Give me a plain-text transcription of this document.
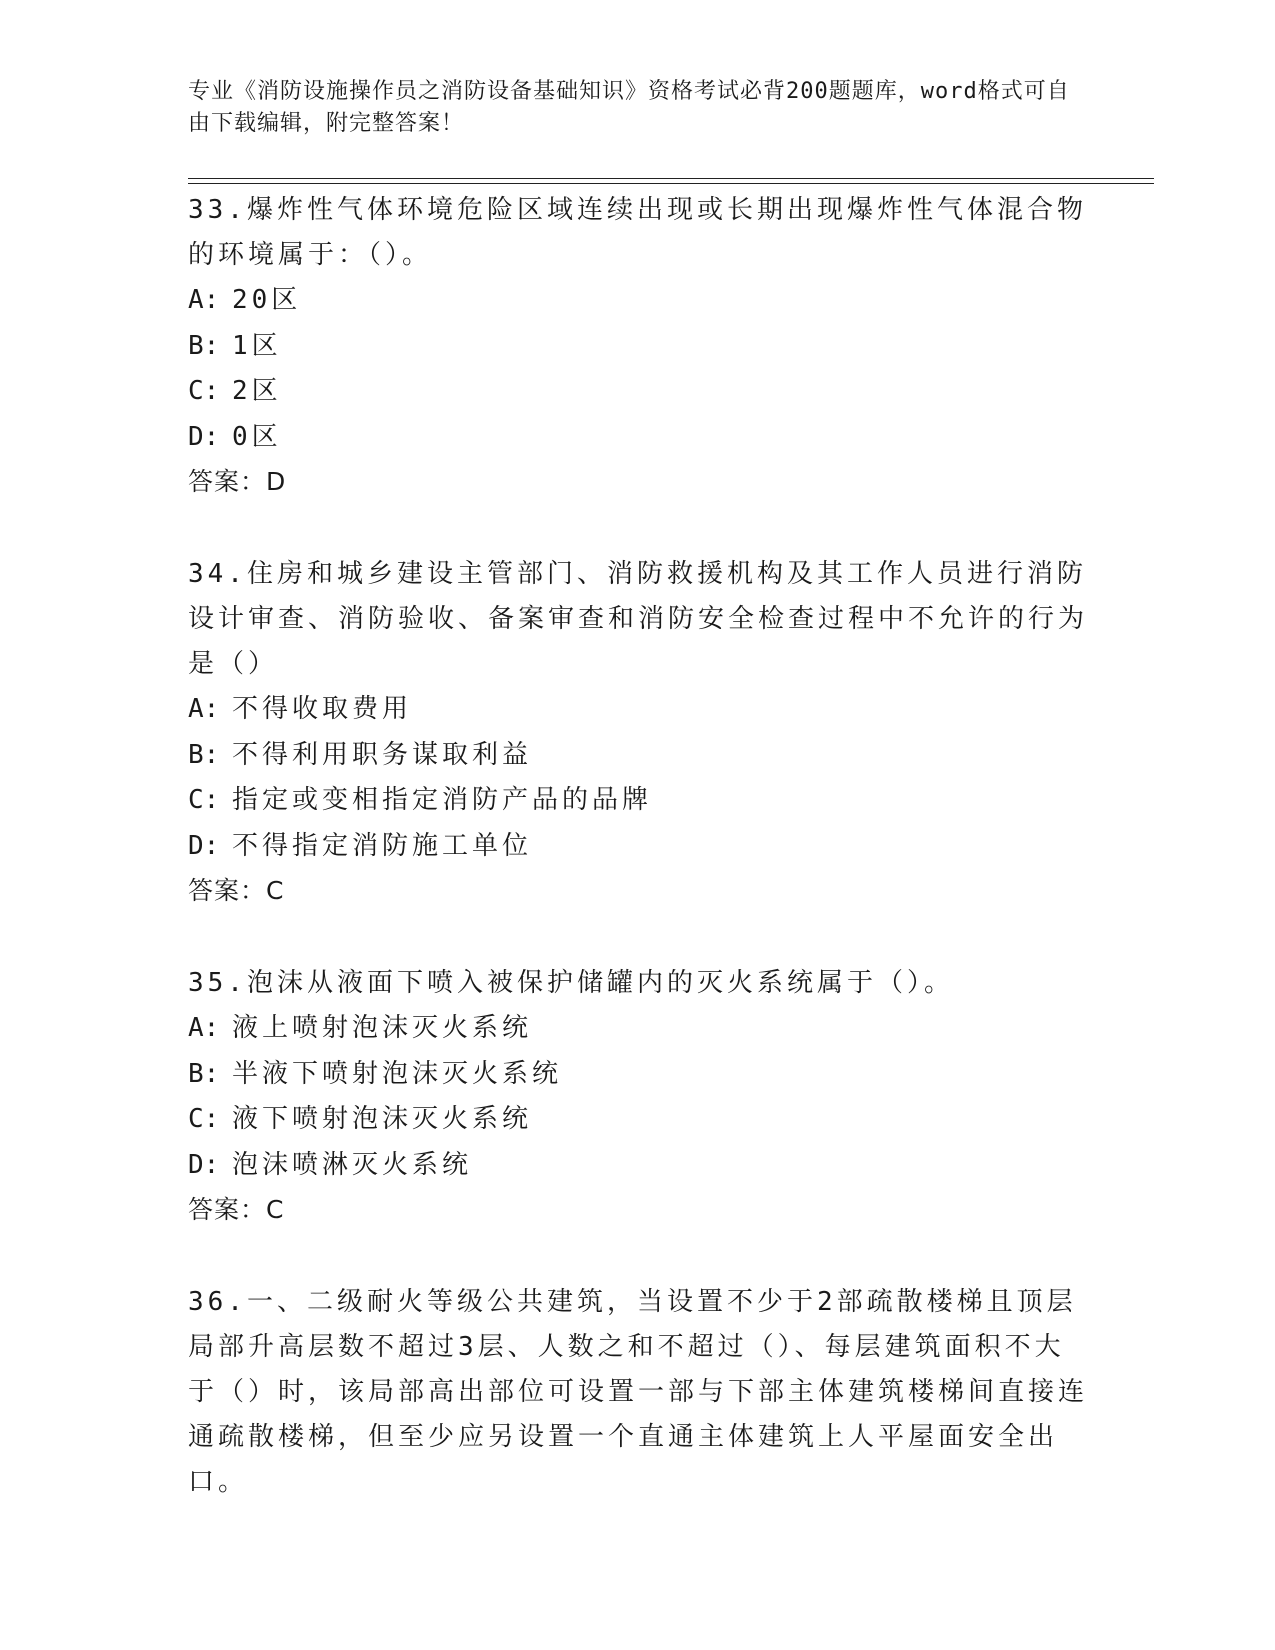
专业《消防设施操作员之消防设备基础知识》资格考试必背200题题库，word格式可自由下载编辑，附完整答案！

33.爆炸性气体环境危险区域连续出现或长期出现爆炸性气体混合物的环境属于：（）。

A: 20区

B: 1区

C: 2区

D: 0区

答案：D

34.住房和城乡建设主管部门、消防救援机构及其工作人员进行消防设计审查、消防验收、备案审查和消防安全检查过程中不允许的行为是（）

A: 不得收取费用

B: 不得利用职务谋取利益

C: 指定或变相指定消防产品的品牌

D: 不得指定消防施工单位

答案：C

35.泡沫从液面下喷入被保护储罐内的灭火系统属于（）。

A: 液上喷射泡沫灭火系统

B: 半液下喷射泡沫灭火系统

C: 液下喷射泡沫灭火系统

D: 泡沫喷淋灭火系统

答案：C

36.一、二级耐火等级公共建筑，当设置不少于2部疏散楼梯且顶层局部升高层数不超过3层、人数之和不超过（）、每层建筑面积不大于（）时，该局部高出部位可设置一部与下部主体建筑楼梯间直接连通疏散楼梯，但至少应另设置一个直通主体建筑上人平屋面安全出口。
